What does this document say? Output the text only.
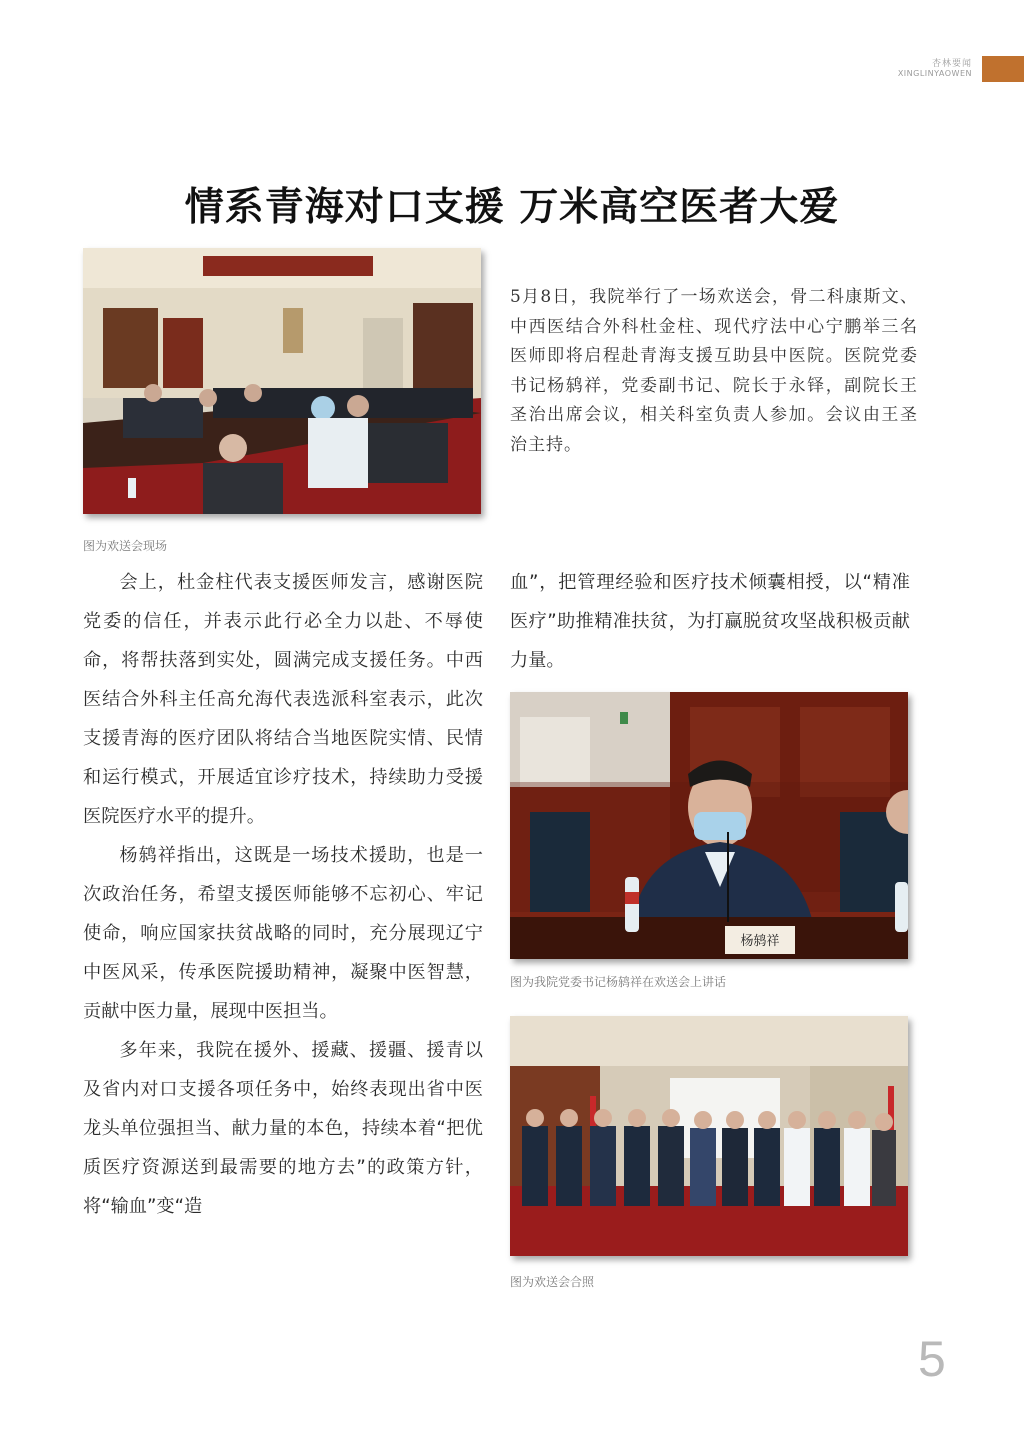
杏林要闻
XINGLINYAOWEN
情系青海对口支援 万米高空医者大爱
图为欢送会现场

5月8日，我院举行了一场欢送会，骨二科康斯文、中西医结合外科杜金柱、现代疗法中心宁鹏举三名医师即将启程赴青海支援互助县中医院。医院党委书记杨鸫祥，党委副书记、院长于永铎，副院长王圣治出席会议，相关科室负责人参加。会议由王圣治主持。

会上，杜金柱代表支援医师发言，感谢医院党委的信任，并表示此行必全力以赴、不辱使命，将帮扶落到实处，圆满完成支援任务。中西医结合外科主任高允海代表选派科室表示，此次支援青海的医疗团队将结合当地医院实情、民情和运行模式，开展适宜诊疗技术，持续助力受援医院医疗水平的提升。

杨鸫祥指出，这既是一场技术援助，也是一次政治任务，希望支援医师能够不忘初心、牢记使命，响应国家扶贫战略的同时，充分展现辽宁中医风采，传承医院援助精神，凝聚中医智慧，贡献中医力量，展现中医担当。

多年来，我院在援外、援藏、援疆、援青以及省内对口支援各项任务中，始终表现出省中医龙头单位强担当、献力量的本色，持续本着“把优质医疗资源送到最需要的地方去”的政策方针，将“输血”变“造

血”，把管理经验和医疗技术倾囊相授，以“精准医疗”助推精准扶贫，为打赢脱贫攻坚战积极贡献力量。

杨鸫祥
图为我院党委书记杨鸫祥在欢送会上讲话
图为欢送会合照
5
